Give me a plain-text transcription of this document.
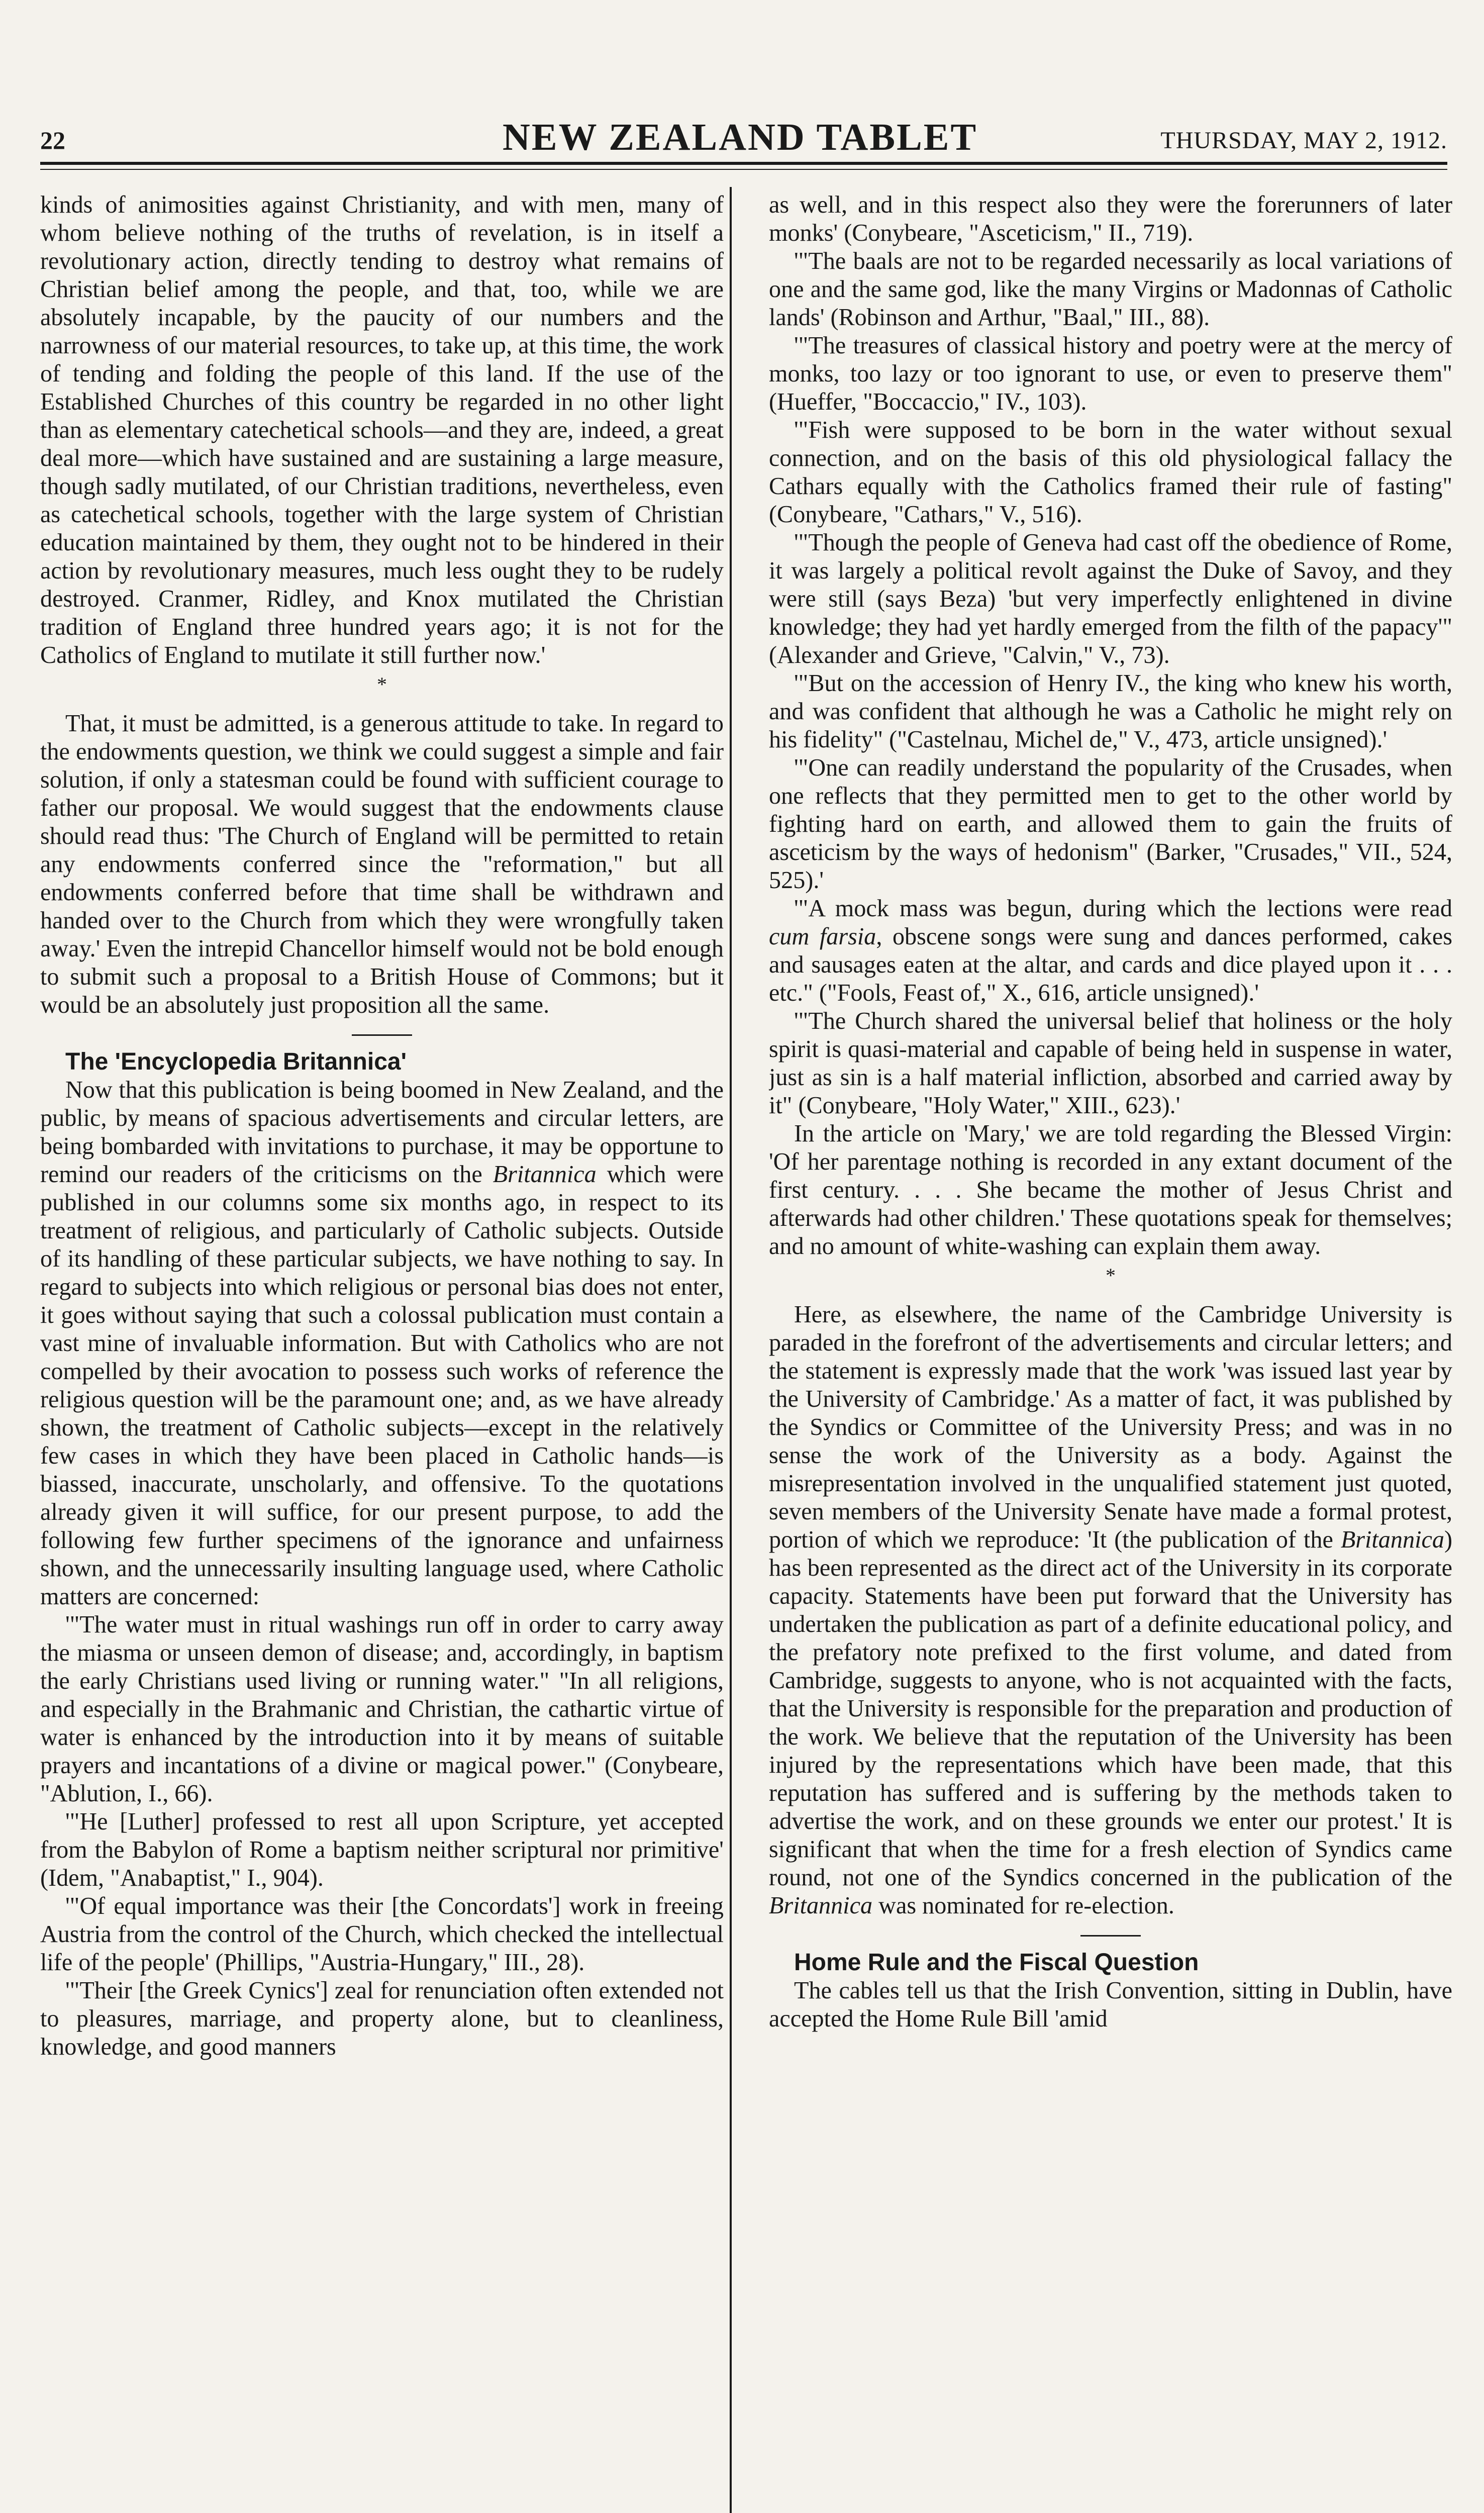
22	NEW ZEALAND TABLET	THURSDAY, MAY 2, 1912.

kinds of animosities against Christianity, and with men, many of whom believe nothing of the truths of revelation, is in itself a revolutionary action, directly tending to destroy what remains of Christian belief among the people, and that, too, while we are absolutely incapable, by the paucity of our numbers and the narrowness of our material resources, to take up, at this time, the work of tending and folding the people of this land. If the use of the Established Churches of this country be regarded in no other light than as elementary catechetical schools—and they are, indeed, a great deal more—which have sustained and are sustaining a large measure, though sadly mutilated, of our Christian traditions, nevertheless, even as catechetical schools, together with the large system of Christian education maintained by them, they ought not to be hindered in their action by revolutionary measures, much less ought they to be rudely destroyed. Cranmer, Ridley, and Knox mutilated the Christian tradition of England three hundred years ago; it is not for the Catholics of England to mutilate it still further now.'

*

That, it must be admitted, is a generous attitude to take. In regard to the endowments question, we think we could suggest a simple and fair solution, if only a statesman could be found with sufficient courage to father our proposal. We would suggest that the endowments clause should read thus: 'The Church of England will be permitted to retain any endowments conferred since the "reformation," but all endowments conferred before that time shall be withdrawn and handed over to the Church from which they were wrongfully taken away.' Even the intrepid Chancellor himself would not be bold enough to submit such a proposal to a British House of Commons; but it would be an absolutely just proposition all the same.

The 'Encyclopedia Britannica'

Now that this publication is being boomed in New Zealand, and the public, by means of spacious advertisements and circular letters, are being bombarded with invitations to purchase, it may be opportune to remind our readers of the criticisms on the Britannica which were published in our columns some six months ago, in respect to its treatment of religious, and particularly of Catholic subjects. Outside of its handling of these particular subjects, we have nothing to say. In regard to subjects into which religious or personal bias does not enter, it goes without saying that such a colossal publication must contain a vast mine of invaluable information. But with Catholics who are not compelled by their avocation to possess such works of reference the religious question will be the paramount one; and, as we have already shown, the treatment of Catholic subjects—except in the relatively few cases in which they have been placed in Catholic hands—is biassed, inaccurate, unscholarly, and offensive. To the quotations already given it will suffice, for our present purpose, to add the following few further specimens of the ignorance and unfairness shown, and the unnecessarily insulting language used, where Catholic matters are concerned:

'"The water must in ritual washings run off in order to carry away the miasma or unseen demon of disease; and, accordingly, in baptism the early Christians used living or running water." "In all religions, and especially in the Brahmanic and Christian, the cathartic virtue of water is enhanced by the introduction into it by means of suitable prayers and incantations of a divine or magical power." (Conybeare, "Ablution, I., 66).

'"He [Luther] professed to rest all upon Scripture, yet accepted from the Babylon of Rome a baptism neither scriptural nor primitive' (Idem, "Anabaptist," I., 904).

'"Of equal importance was their [the Concordats'] work in freeing Austria from the control of the Church, which checked the intellectual life of the people' (Phillips, "Austria-Hungary," III., 28).

'"Their [the Greek Cynics'] zeal for renunciation often extended not to pleasures, marriage, and property alone, but to cleanliness, knowledge, and good manners

as well, and in this respect also they were the forerunners of later monks' (Conybeare, "Asceticism," II., 719).

'"The baals are not to be regarded necessarily as local variations of one and the same god, like the many Virgins or Madonnas of Catholic lands' (Robinson and Arthur, "Baal," III., 88).

'"The treasures of classical history and poetry were at the mercy of monks, too lazy or too ignorant to use, or even to preserve them" (Hueffer, "Boccaccio," IV., 103).

'"Fish were supposed to be born in the water without sexual connection, and on the basis of this old physiological fallacy the Cathars equally with the Catholics framed their rule of fasting" (Conybeare, "Cathars," V., 516).

'"Though the people of Geneva had cast off the obedience of Rome, it was largely a political revolt against the Duke of Savoy, and they were still (says Beza) 'but very imperfectly enlightened in divine knowledge; they had yet hardly emerged from the filth of the papacy'" (Alexander and Grieve, "Calvin," V., 73).

'"But on the accession of Henry IV., the king who knew his worth, and was confident that although he was a Catholic he might rely on his fidelity" ("Castelnau, Michel de," V., 473, article unsigned).'

'"One can readily understand the popularity of the Crusades, when one reflects that they permitted men to get to the other world by fighting hard on earth, and allowed them to gain the fruits of asceticism by the ways of hedonism" (Barker, "Crusades," VII., 524, 525).'

'"A mock mass was begun, during which the lections were read cum farsia, obscene songs were sung and dances performed, cakes and sausages eaten at the altar, and cards and dice played upon it . . . etc." ("Fools, Feast of," X., 616, article unsigned).'

'"The Church shared the universal belief that holiness or the holy spirit is quasi-material and capable of being held in suspense in water, just as sin is a half material infliction, absorbed and carried away by it" (Conybeare, "Holy Water," XIII., 623).'

In the article on 'Mary,' we are told regarding the Blessed Virgin: 'Of her parentage nothing is recorded in any extant document of the first century. . . . She became the mother of Jesus Christ and afterwards had other children.' These quotations speak for themselves; and no amount of white-washing can explain them away.

*

Here, as elsewhere, the name of the Cambridge University is paraded in the forefront of the advertisements and circular letters; and the statement is expressly made that the work 'was issued last year by the University of Cambridge.' As a matter of fact, it was published by the Syndics or Committee of the University Press; and was in no sense the work of the University as a body. Against the misrepresentation involved in the unqualified statement just quoted, seven members of the University Senate have made a formal protest, portion of which we reproduce: 'It (the publication of the Britannica) has been represented as the direct act of the University in its corporate capacity. Statements have been put forward that the University has undertaken the publication as part of a definite educational policy, and the prefatory note prefixed to the first volume, and dated from Cambridge, suggests to anyone, who is not acquainted with the facts, that the University is responsible for the preparation and production of the work. We believe that the reputation of the University has been injured by the representations which have been made, that this reputation has suffered and is suffering by the methods taken to advertise the work, and on these grounds we enter our protest.' It is significant that when the time for a fresh election of Syndics came round, not one of the Syndics concerned in the publication of the Britannica was nominated for re-election.

Home Rule and the Fiscal Question

The cables tell us that the Irish Convention, sitting in Dublin, have accepted the Home Rule Bill 'amid
